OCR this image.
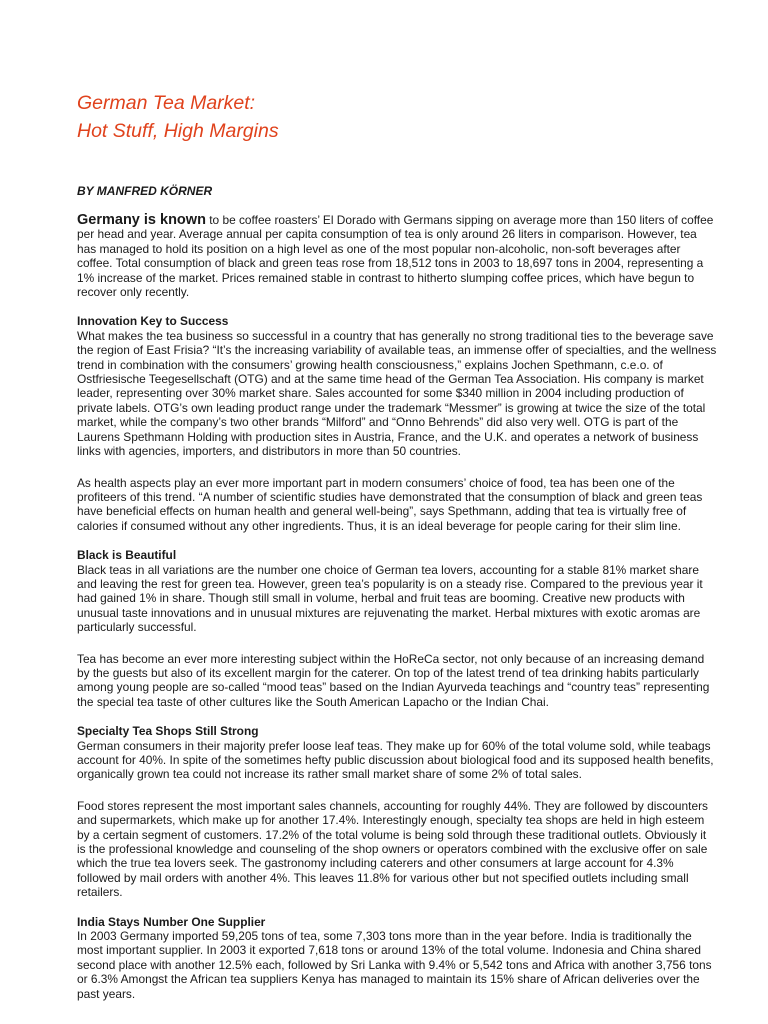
German Tea Market:
Hot Stuff, High Margins
BY MANFRED KÖRNER

Germany is known to be coffee roasters’ El Dorado with Germans sipping on average more than 150 liters of coffee per head and year. Average annual per capita consumption of tea is only around 26 liters in comparison. However, tea has managed to hold its position on a high level as one of the most popular non-alcoholic, non-soft beverages after coffee. Total consumption of black and green teas rose from 18,512 tons in 2003 to 18,697 tons in 2004, representing a 1% increase of the market. Prices remained stable in contrast to hitherto slumping coffee prices, which have begun to recover only recently.

Innovation Key to Success

What makes the tea business so successful in a country that has generally no strong traditional ties to the beverage save the region of East Frisia? “It’s the increasing variability of available teas, an immense offer of specialties, and the wellness trend in combination with the consumers’ growing health consciousness,” explains Jochen Spethmann, c.e.o. of Ostfriesische Teegesellschaft (OTG) and at the same time head of the German Tea Association. His company is market leader, representing over 30% market share. Sales accounted for some $340 million in 2004 including production of private labels. OTG’s own leading product range under the trademark “Messmer” is growing at twice the size of the total market, while the company’s two other brands “Milford” and “Onno Behrends” did also very well. OTG is part of the Laurens Spethmann Holding with production sites in Austria, France, and the U.K. and operates a network of business links with agencies, importers, and distributors in more than 50 countries.

As health aspects play an ever more important part in modern consumers’ choice of food, tea has been one of the profiteers of this trend. “A number of scientific studies have demonstrated that the consumption of black and green teas have beneficial effects on human health and general well-being”, says Spethmann, adding that tea is virtually free of calories if consumed without any other ingredients. Thus, it is an ideal beverage for people caring for their slim line.

Black is Beautiful

Black teas in all variations are the number one choice of German tea lovers, accounting for a stable 81% market share and leaving the rest for green tea. However, green tea’s popularity is on a steady rise. Compared to the previous year it had gained 1% in share. Though still small in volume, herbal and fruit teas are booming. Creative new products with unusual taste innovations and in unusual mixtures are rejuvenating the market. Herbal mixtures with exotic aromas are particularly successful.

Tea has become an ever more interesting subject within the HoReCa sector, not only because of an increasing demand by the guests but also of its excellent margin for the caterer. On top of the latest trend of tea drinking habits particularly among young people are so-called “mood teas” based on the Indian Ayurveda teachings and “country teas” representing the special tea taste of other cultures like the South American Lapacho or the Indian Chai.

Specialty Tea Shops Still Strong

German consumers in their majority prefer loose leaf teas. They make up for 60% of the total volume sold, while teabags account for 40%. In spite of the sometimes hefty public discussion about biological food and its supposed health benefits, organically grown tea could not increase its rather small market share of some 2% of total sales.

Food stores represent the most important sales channels, accounting for roughly 44%. They are followed by discounters and supermarkets, which make up for another 17.4%. Interestingly enough, specialty tea shops are held in high esteem by a certain segment of customers. 17.2% of the total volume is being sold through these traditional outlets. Obviously it is the professional knowledge and counseling of the shop owners or operators combined with the exclusive offer on sale which the true tea lovers seek. The gastronomy including caterers and other consumers at large account for 4.3% followed by mail orders with another 4%. This leaves 11.8% for various other but not specified outlets including small retailers.

India Stays Number One Supplier

In 2003 Germany imported 59,205 tons of tea, some 7,303 tons more than in the year before. India is traditionally the most important supplier. In 2003 it exported 7,618 tons or around 13% of the total volume. Indonesia and China shared second place with another 12.5% each, followed by Sri Lanka with 9.4% or 5,542 tons and Africa with another 3,756 tons or 6.3% Amongst the African tea suppliers Kenya has managed to maintain its 15% share of African deliveries over the past years.
